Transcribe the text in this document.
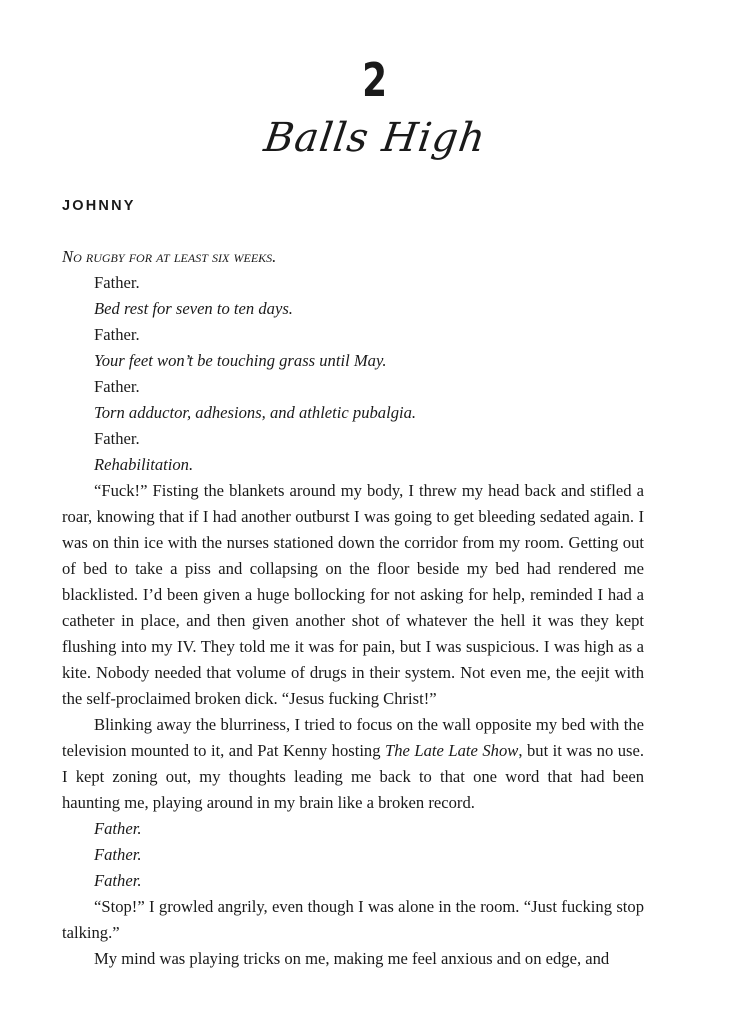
2
Balls High
JOHNNY

No rugby for at least six weeks.

Father.

Bed rest for seven to ten days.

Father.

Your feet won’t be touching grass until May.

Father.

Torn adductor, adhesions, and athletic pubalgia.

Father.

Rehabilitation.

“Fuck!” Fisting the blankets around my body, I threw my head back and stifled a roar, knowing that if I had another outburst I was going to get bleeding sedated again. I was on thin ice with the nurses stationed down the corridor from my room. Getting out of bed to take a piss and collapsing on the floor beside my bed had rendered me blacklisted. I’d been given a huge bollocking for not asking for help, reminded I had a catheter in place, and then given another shot of whatever the hell it was they kept flushing into my IV. They told me it was for pain, but I was suspicious. I was high as a kite. Nobody needed that volume of drugs in their system. Not even me, the eejit with the self-proclaimed broken dick. “Jesus fucking Christ!”

Blinking away the blurriness, I tried to focus on the wall opposite my bed with the television mounted to it, and Pat Kenny hosting The Late Late Show, but it was no use. I kept zoning out, my thoughts leading me back to that one word that had been haunting me, playing around in my brain like a broken record.

Father.

Father.

Father.

“Stop!” I growled angrily, even though I was alone in the room. “Just fucking stop talking.”

My mind was playing tricks on me, making me feel anxious and on edge, and
